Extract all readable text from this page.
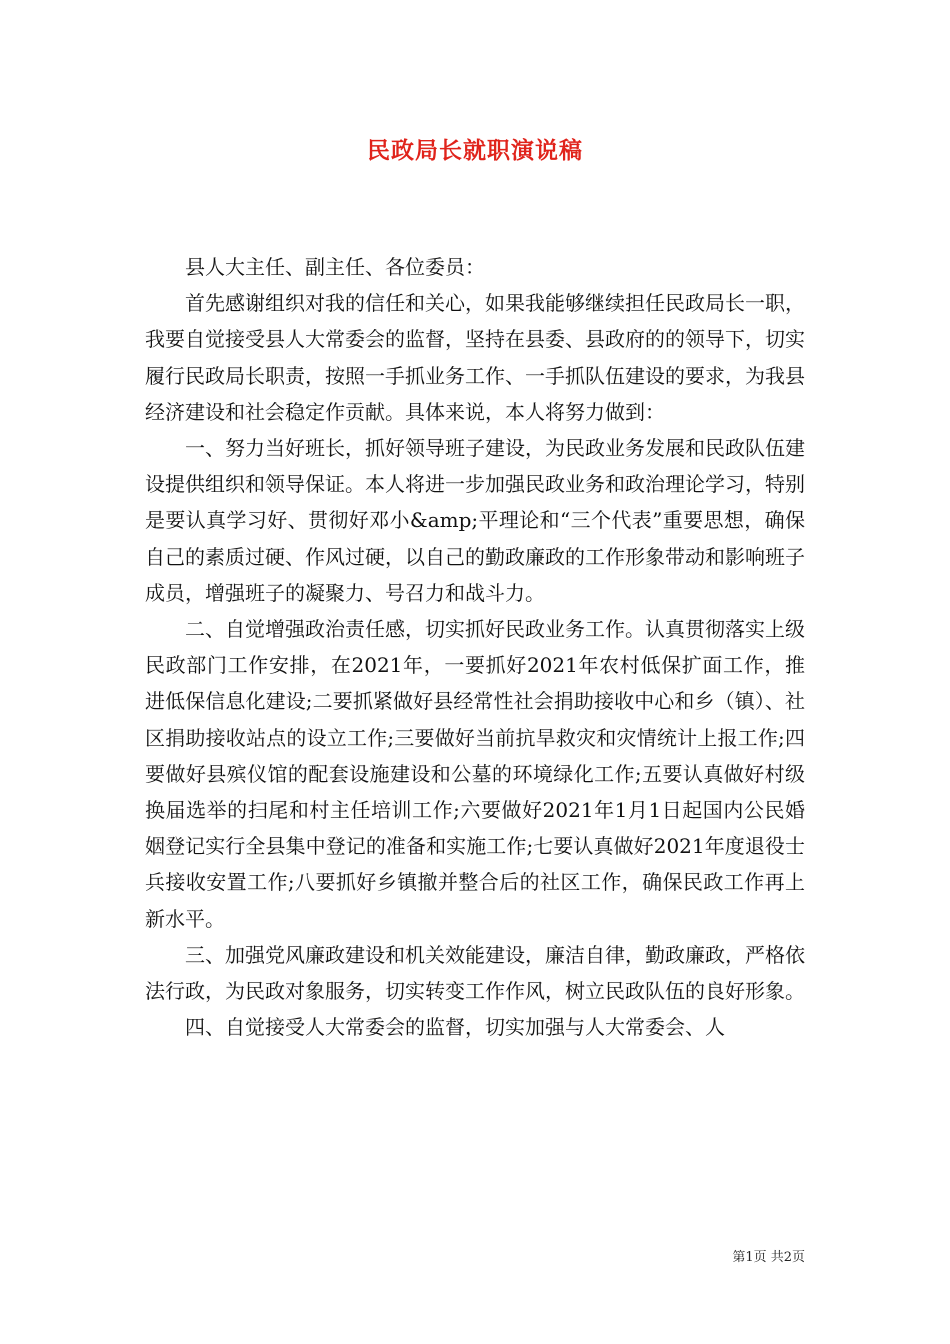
民政局长就职演说稿

县人大主任、副主任、各位委员：

首先感谢组织对我的信任和关心，如果我能够继续担任民政局长一职，我要自觉接受县人大常委会的监督，坚持在县委、县政府的的领导下，切实履行民政局长职责，按照一手抓业务工作、一手抓队伍建设的要求，为我县经济建设和社会稳定作贡献。具体来说，本人将努力做到：

一、努力当好班长，抓好领导班子建设，为民政业务发展和民政队伍建设提供组织和领导保证。本人将进一步加强民政业务和政治理论学习，特别是要认真学习好、贯彻好邓小&amp;平理论和“三个代表”重要思想，确保自己的素质过硬、作风过硬，以自己的勤政廉政的工作形象带动和影响班子成员，增强班子的凝聚力、号召力和战斗力。

二、自觉增强政治责任感，切实抓好民政业务工作。认真贯彻落实上级民政部门工作安排，在2021年，一要抓好2021年农村低保扩面工作，推进低保信息化建设;二要抓紧做好县经常性社会捐助接收中心和乡（镇）、社区捐助接收站点的设立工作;三要做好当前抗旱救灾和灾情统计上报工作;四要做好县殡仪馆的配套设施建设和公墓的环境绿化工作;五要认真做好村级换届选举的扫尾和村主任培训工作;六要做好2021年1月1日起国内公民婚姻登记实行全县集中登记的准备和实施工作;七要认真做好2021年度退役士兵接收安置工作;八要抓好乡镇撤并整合后的社区工作，确保民政工作再上新水平。

三、加强党风廉政建设和机关效能建设，廉洁自律，勤政廉政，严格依法行政，为民政对象服务，切实转变工作作风，树立民政队伍的良好形象。

四、自觉接受人大常委会的监督，切实加强与人大常委会、人

第1页 共2页
